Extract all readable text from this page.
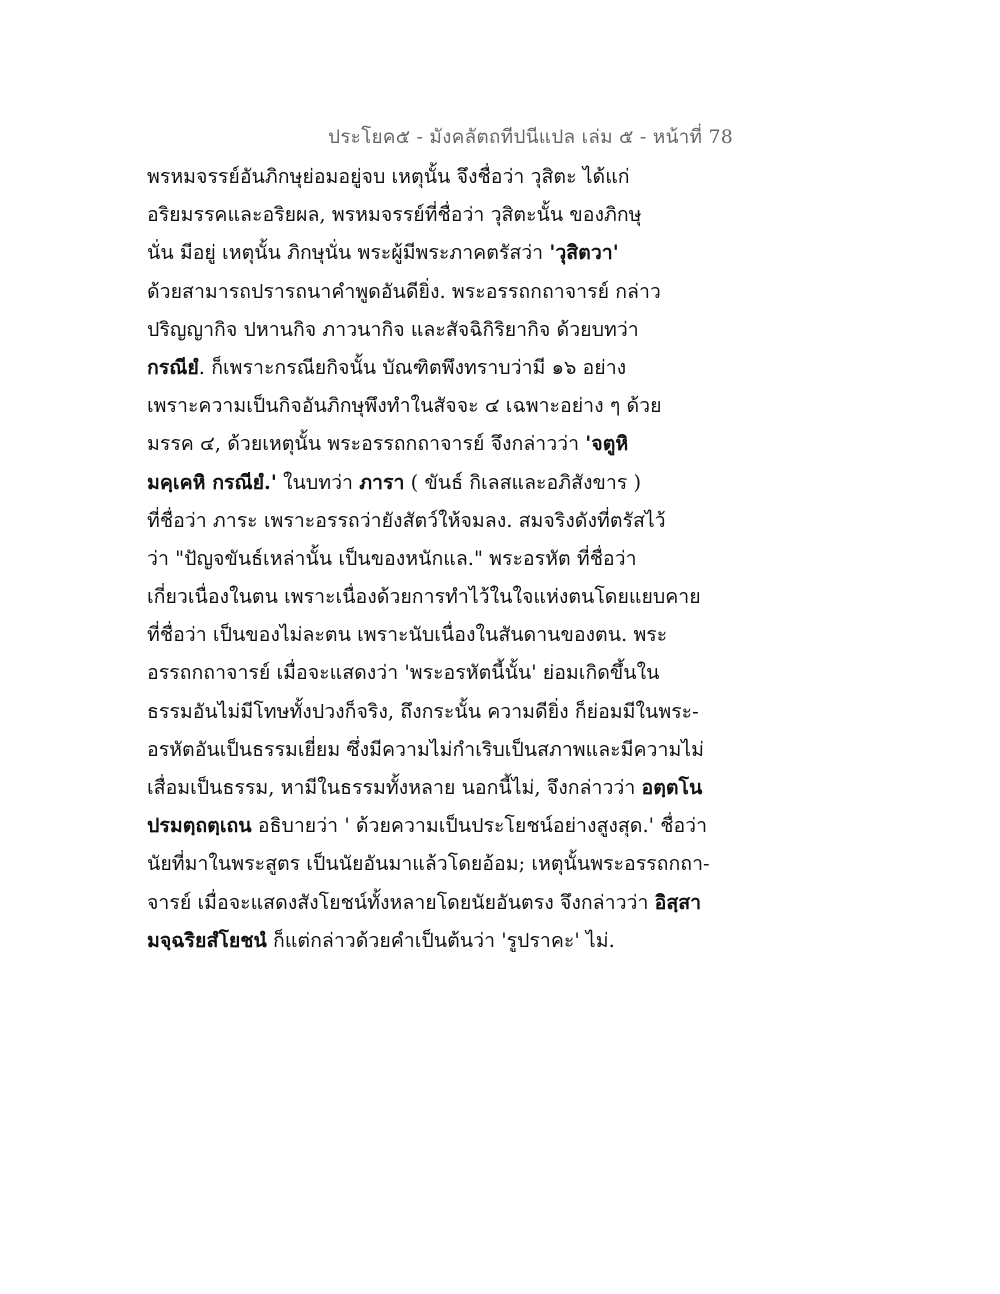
ประโยค๕ - มังคลัตถทีปนีแปล เล่ม ๕ - หน้าที่ 78
พรหมจรรย์อันภิกษุย่อมอยู่จบ เหตุนั้น จึงชื่อว่า วุสิตะ ได้แก่
อริยมรรคและอริยผล, พรหมจรรย์ที่ชื่อว่า วุสิตะนั้น ของภิกษุ
นั่น มีอยู่ เหตุนั้น ภิกษุนั่น พระผู้มีพระภาคตรัสว่า 'วุสิตวา'
ด้วยสามารถปรารถนาคำพูดอันดียิ่ง. พระอรรถกถาจารย์ กล่าว
ปริญญากิจ ปหานกิจ ภาวนากิจ และสัจฉิกิริยากิจ ด้วยบทว่า
กรณียํ. ก็เพราะกรณียกิจนั้น บัณฑิตพึงทราบว่ามี ๑๖ อย่าง
เพราะความเป็นกิจอันภิกษุพึงทำในสัจจะ ๔ เฉพาะอย่าง ๆ ด้วย
มรรค ๔, ด้วยเหตุนั้น พระอรรถกถาจารย์ จึงกล่าวว่า 'จตูหิ
มคฺเคหิ กรณียํ.' ในบทว่า ภารา ( ขันธ์ กิเลสและอภิสังขาร )
ที่ชื่อว่า ภาระ เพราะอรรถว่ายังสัตว์ให้จมลง. สมจริงดังที่ตรัสไว้
ว่า "ปัญจขันธ์เหล่านั้น เป็นของหนักแล." พระอรหัต ที่ชื่อว่า
เกี่ยวเนื่องในตน เพราะเนื่องด้วยการทำไว้ในใจแห่งตนโดยแยบคาย
ที่ชื่อว่า เป็นของไม่ละตน เพราะนับเนื่องในสันดานของตน. พระ
อรรถกถาจารย์ เมื่อจะแสดงว่า 'พระอรหัตนี้นั้น' ย่อมเกิดขึ้นใน
ธรรมอันไม่มีโทษทั้งปวงก็จริง, ถึงกระนั้น ความดียิ่ง ก็ย่อมมีในพระ-
อรหัตอันเป็นธรรมเยี่ยม ซึ่งมีความไม่กำเริบเป็นสภาพและมีความไม่
เสื่อมเป็นธรรม, หามีในธรรมทั้งหลาย นอกนี้ไม่, จึงกล่าวว่า อตฺตโน
ปรมตฺถตฺเถน อธิบายว่า ' ด้วยความเป็นประโยชน์อย่างสูงสุด.' ชื่อว่า
นัยที่มาในพระสูตร เป็นนัยอันมาแล้วโดยอ้อม; เหตุนั้นพระอรรถกถา-
จารย์ เมื่อจะแสดงสังโยชน์ทั้งหลายโดยนัยอันตรง จึงกล่าวว่า อิสฺสา
มจฺฉริยสํโยชนํ ก็แต่กล่าวด้วยคำเป็นต้นว่า 'รูปราคะ' ไม่.
